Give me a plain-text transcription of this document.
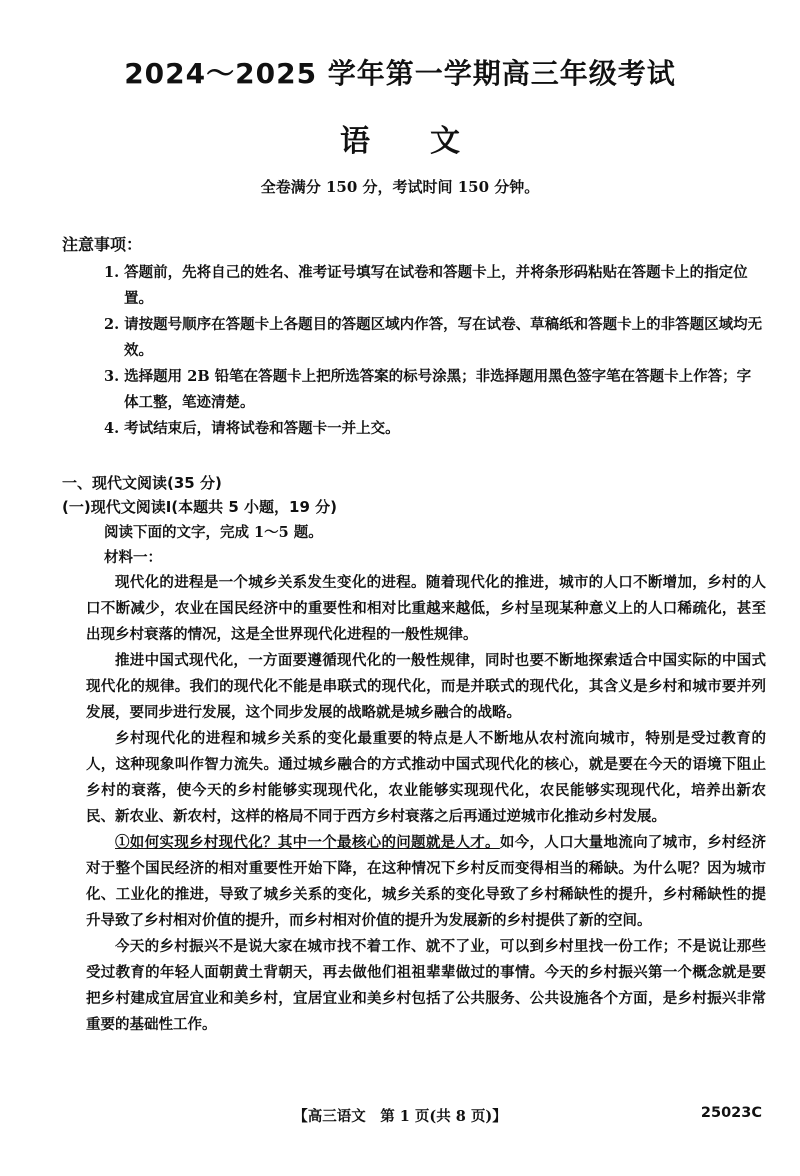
2024～2025 学年第一学期高三年级考试
语文
全卷满分 150 分，考试时间 150 分钟。
注意事项：

1. 答题前，先将自己的姓名、准考证号填写在试卷和答题卡上，并将条形码粘贴在答题卡上的指定位置。

2. 请按题号顺序在答题卡上各题目的答题区域内作答，写在试卷、草稿纸和答题卡上的非答题区域均无效。

3. 选择题用 2B 铅笔在答题卡上把所选答案的标号涂黑；非选择题用黑色签字笔在答题卡上作答；字体工整，笔迹清楚。

4. 考试结束后，请将试卷和答题卡一并上交。

一、现代文阅读(35 分)
(一)现代文阅读Ⅰ(本题共 5 小题，19 分)
阅读下面的文字，完成 1～5 题。
材料一：

现代化的进程是一个城乡关系发生变化的进程。随着现代化的推进，城市的人口不断增加，乡村的人口不断减少，农业在国民经济中的重要性和相对比重越来越低，乡村呈现某种意义上的人口稀疏化，甚至出现乡村衰落的情况，这是全世界现代化进程的一般性规律。

推进中国式现代化，一方面要遵循现代化的一般性规律，同时也要不断地探索适合中国实际的中国式现代化的规律。我们的现代化不能是串联式的现代化，而是并联式的现代化，其含义是乡村和城市要并列发展，要同步进行发展，这个同步发展的战略就是城乡融合的战略。

乡村现代化的进程和城乡关系的变化最重要的特点是人不断地从农村流向城市，特别是受过教育的人，这种现象叫作智力流失。通过城乡融合的方式推动中国式现代化的核心，就是要在今天的语境下阻止乡村的衰落，使今天的乡村能够实现现代化，农业能够实现现代化，农民能够实现现代化，培养出新农民、新农业、新农村，这样的格局不同于西方乡村衰落之后再通过逆城市化推动乡村发展。

①如何实现乡村现代化？其中一个最核心的问题就是人才。如今，人口大量地流向了城市，乡村经济对于整个国民经济的相对重要性开始下降，在这种情况下乡村反而变得相当的稀缺。为什么呢？因为城市化、工业化的推进，导致了城乡关系的变化，城乡关系的变化导致了乡村稀缺性的提升，乡村稀缺性的提升导致了乡村相对价值的提升，而乡村相对价值的提升为发展新的乡村提供了新的空间。

今天的乡村振兴不是说大家在城市找不着工作、就不了业，可以到乡村里找一份工作；不是说让那些受过教育的年轻人面朝黄土背朝天，再去做他们祖祖辈辈做过的事情。今天的乡村振兴第一个概念就是要把乡村建成宜居宜业和美乡村，宜居宜业和美乡村包括了公共服务、公共设施各个方面，是乡村振兴非常重要的基础性工作。

【高三语文　第 1 页(共 8 页)】	25023C
